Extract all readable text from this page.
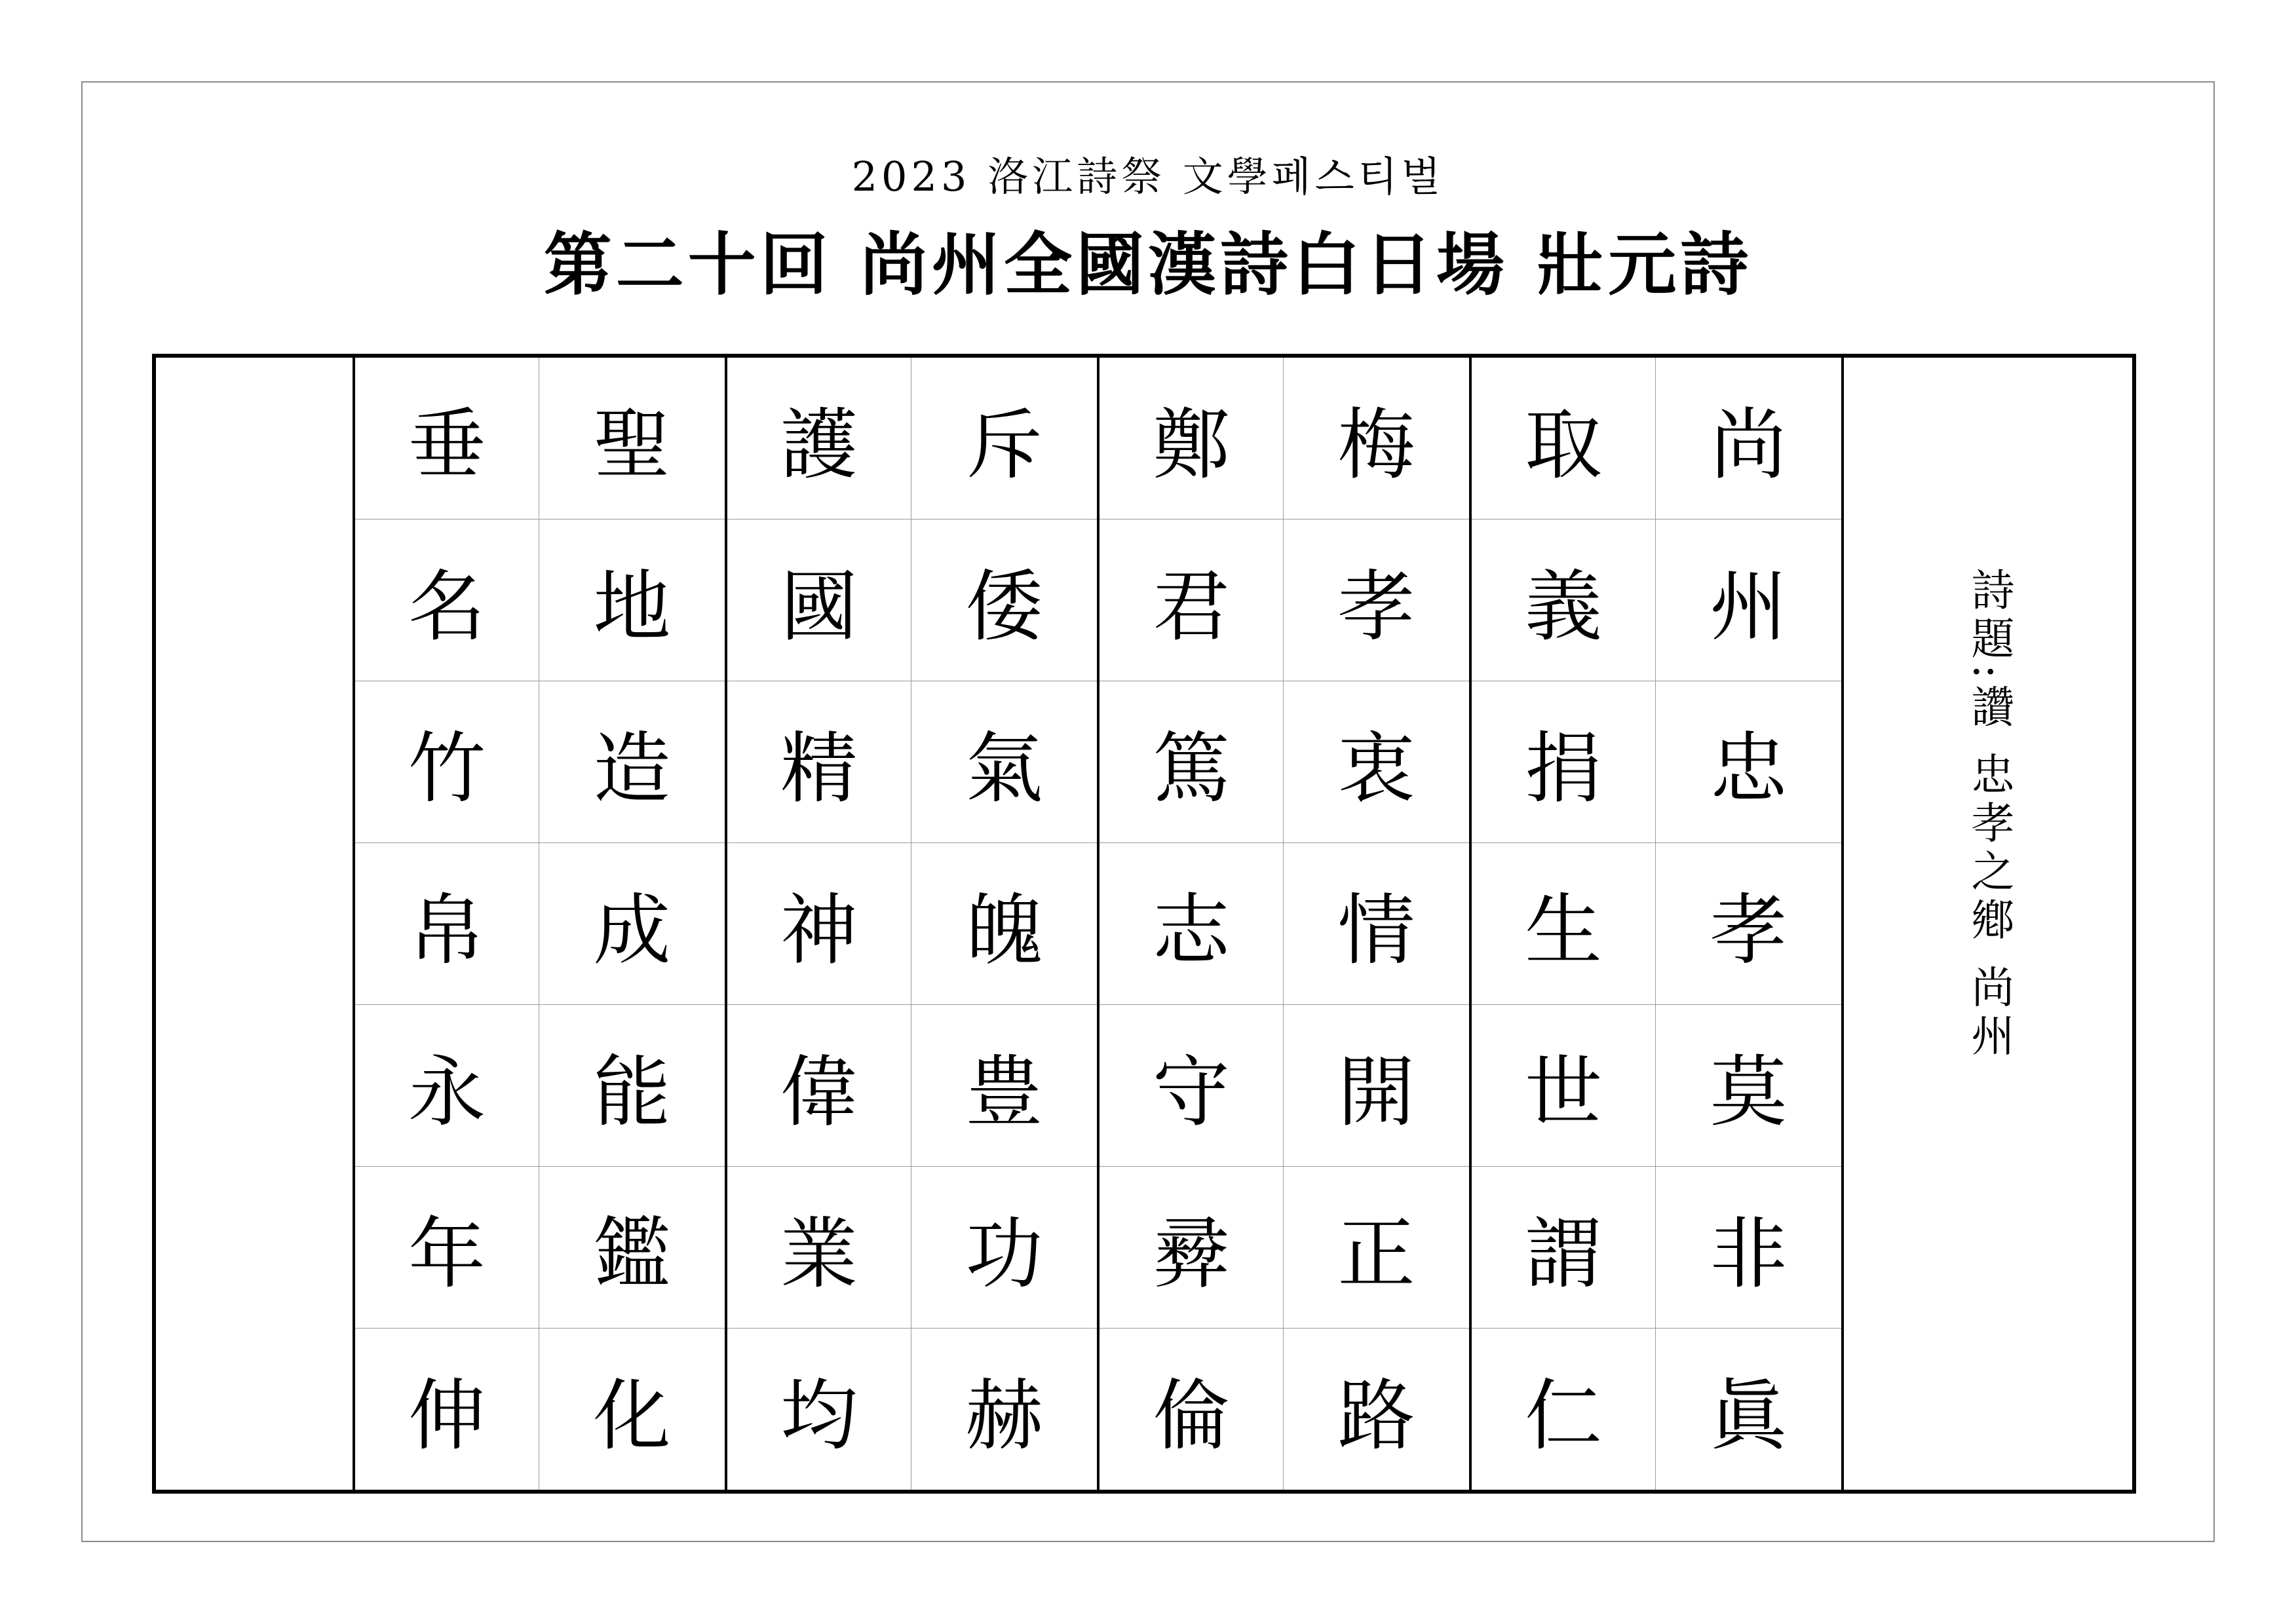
2023 洛江詩祭 文學페스티벌
第二十回 尚州全國漢詩白日場 壯元詩
詩題:讚 忠孝之鄕 尚州
尚
州
忠
孝
莫
非
眞
取
義
捐
生
世
謂
仁
梅
孝
衷
情
開
正
路
鄭
君
篤
志
守
彛
倫
斥
倭
氣
魄
豊
功
赫
護
國
精
神
偉
業
均
聖
地
造
成
能
鑑
化
垂
名
竹
帛
永
年
伸
